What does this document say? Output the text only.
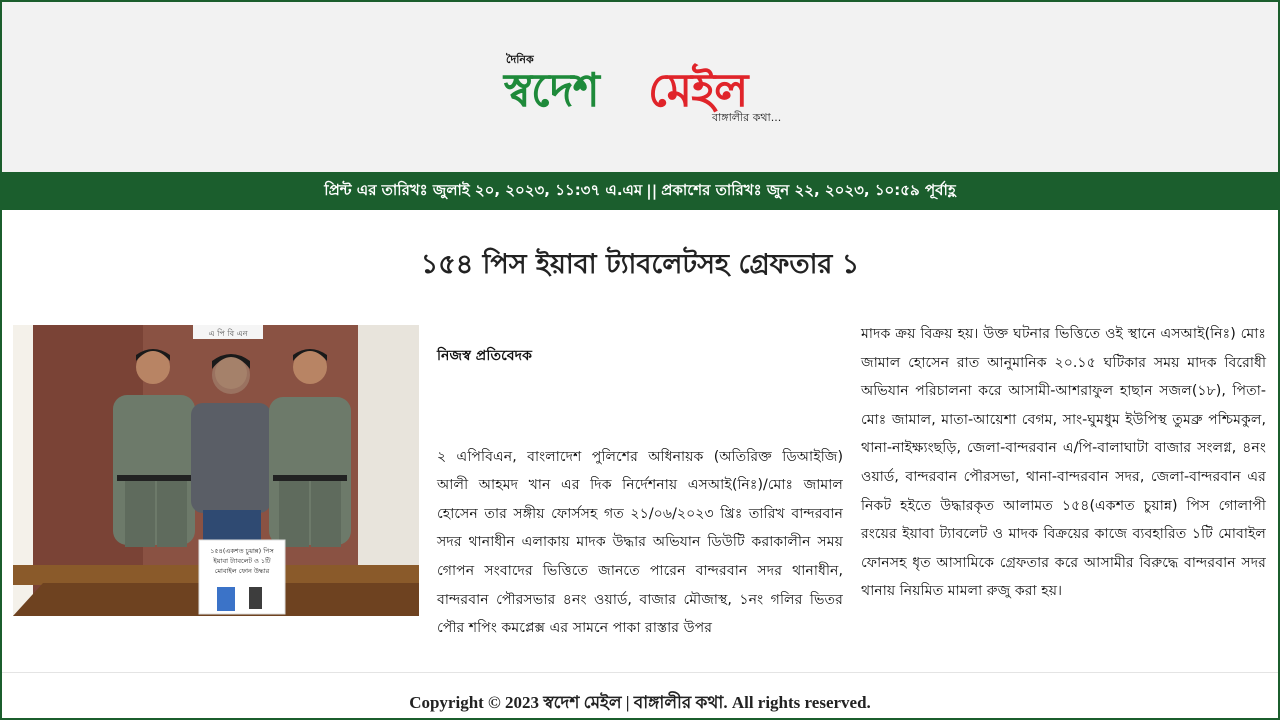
দৈনিক
স্বদেশ মেইল
বাঙ্গালীর কথা...
প্রিন্ট এর তারিখঃ জুলাই ২০, ২০২৩, ১১:৩৭ এ.এম || প্রকাশের তারিখঃ জুন ২২, ২০২৩, ১০:৫৯ পূর্বাহ্ণ
১৫৪ পিস ইয়াবা ট্যাবলেটসহ গ্রেফতার ১
এ পি বি এন
১৫৪(একশত চুয়ান্ন) পিস
ইয়াবা ট্যাবলেট ও ১টি
মোবাইল ফোন উদ্ধার

নিজস্ব প্রতিবেদক

২ এপিবিএন, বাংলাদেশ পুলিশের অধিনায়ক (অতিরিক্ত ডিআইজি) আলী আহমদ খান এর দিক নির্দেশনায় এসআই(নিঃ)/মোঃ জামাল হোসেন তার সঙ্গীয় ফোর্সসহ গত ২১/০৬/২০২৩ খ্রিঃ তারিখ বান্দরবান সদর থানাধীন এলাকায় মাদক উদ্ধার অভিযান ডিউটি করাকালীন সময় গোপন সংবাদের ভিত্তিতে জানতে পারেন বান্দরবান সদর থানাধীন, বান্দরবান পৌরসভার ৪নং ওয়ার্ড, বাজার মৌজাস্থ, ১নং গলির ভিতর পৌর শপিং কমপ্লেক্স এর সামনে পাকা রাস্তার উপর

মাদক ক্রয় বিক্রয় হয়। উক্ত ঘটনার ভিত্তিতে ওই স্থানে এসআই(নিঃ) মোঃ জামাল হোসেন রাত আনুমানিক ২০.১৫ ঘটিকার সময় মাদক বিরোধী অভিযান পরিচালনা করে আসামী-আশরাফুল হাছান সজল(১৮), পিতা-মোঃ জামাল, মাতা-আয়েশা বেগম, সাং-ঘুমধুম ইউপিস্থ তুমব্রু পশ্চিমকুল, থানা-নাইক্ষ্যংছড়ি, জেলা-বান্দরবান এ/পি-বালাঘাটা বাজার সংলগ্ন, ৪নং ওয়ার্ড, বান্দরবান পৌরসভা, থানা-বান্দরবান সদর, জেলা-বান্দরবান এর নিকট হইতে উদ্ধারকৃত আলামত ১৫৪(একশত চুয়ান্ন) পিস গোলাপী রংয়ের ইয়াবা ট্যাবলেট ও মাদক বিক্রয়ের কাজে ব্যবহারিত ১টি মোবাইল ফোনসহ ধৃত আসামিকে গ্রেফতার করে আসামীর বিরুদ্ধে বান্দরবান সদর থানায় নিয়মিত মামলা রুজু করা হয়।

Copyright © 2023 স্বদেশ মেইল | বাঙ্গালীর কথা. All rights reserved.
